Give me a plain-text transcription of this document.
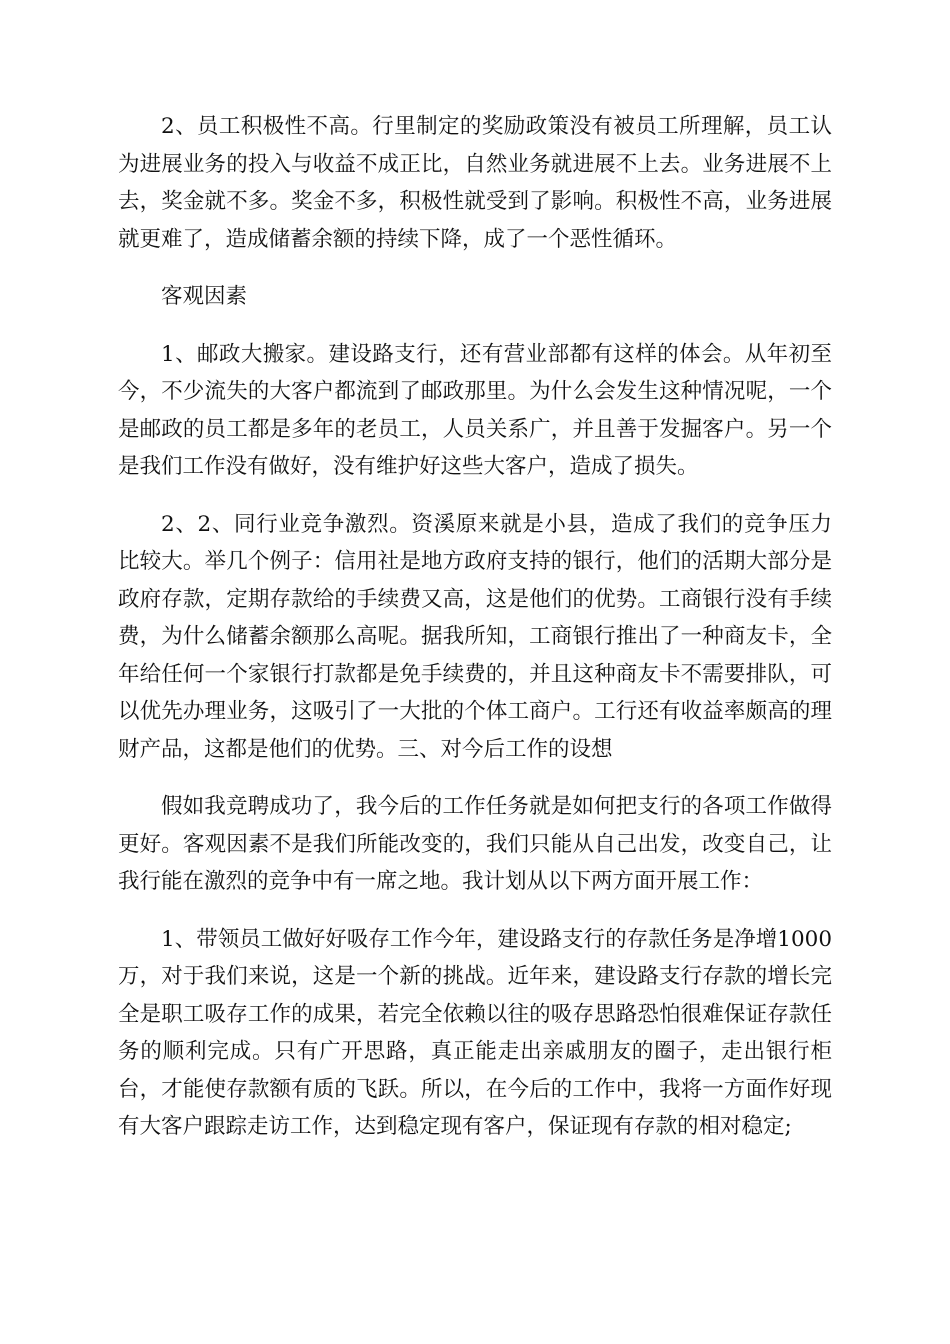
2、员工积极性不高。行里制定的奖励政策没有被员工所理解，员工认为进展业务的投入与收益不成正比，自然业务就进展不上去。业务进展不上去，奖金就不多。奖金不多，积极性就受到了影响。积极性不高，业务进展就更难了，造成储蓄余额的持续下降，成了一个恶性循环。

客观因素

1、邮政大搬家。建设路支行，还有营业部都有这样的体会。从年初至今，不少流失的大客户都流到了邮政那里。为什么会发生这种情况呢，一个是邮政的员工都是多年的老员工，人员关系广，并且善于发掘客户。另一个是我们工作没有做好，没有维护好这些大客户，造成了损失。

2、2、同行业竞争激烈。资溪原来就是小县，造成了我们的竞争压力比较大。举几个例子：信用社是地方政府支持的银行，他们的活期大部分是政府存款，定期存款给的手续费又高，这是他们的优势。工商银行没有手续费，为什么储蓄余额那么高呢。据我所知，工商银行推出了一种商友卡，全年给任何一个家银行打款都是免手续费的，并且这种商友卡不需要排队，可以优先办理业务，这吸引了一大批的个体工商户。工行还有收益率颇高的理财产品，这都是他们的优势。三、对今后工作的设想

假如我竞聘成功了，我今后的工作任务就是如何把支行的各项工作做得更好。客观因素不是我们所能改变的，我们只能从自己出发，改变自己，让我行能在激烈的竞争中有一席之地。我计划从以下两方面开展工作：

1、带领员工做好好吸存工作今年，建设路支行的存款任务是净增1000万，对于我们来说，这是一个新的挑战。近年来，建设路支行存款的增长完全是职工吸存工作的成果，若完全依赖以往的吸存思路恐怕很难保证存款任务的顺利完成。只有广开思路，真正能走出亲戚朋友的圈子，走出银行柜台，才能使存款额有质的飞跃。所以，在今后的工作中，我将一方面作好现有大客户跟踪走访工作，达到稳定现有客户，保证现有存款的相对稳定;
